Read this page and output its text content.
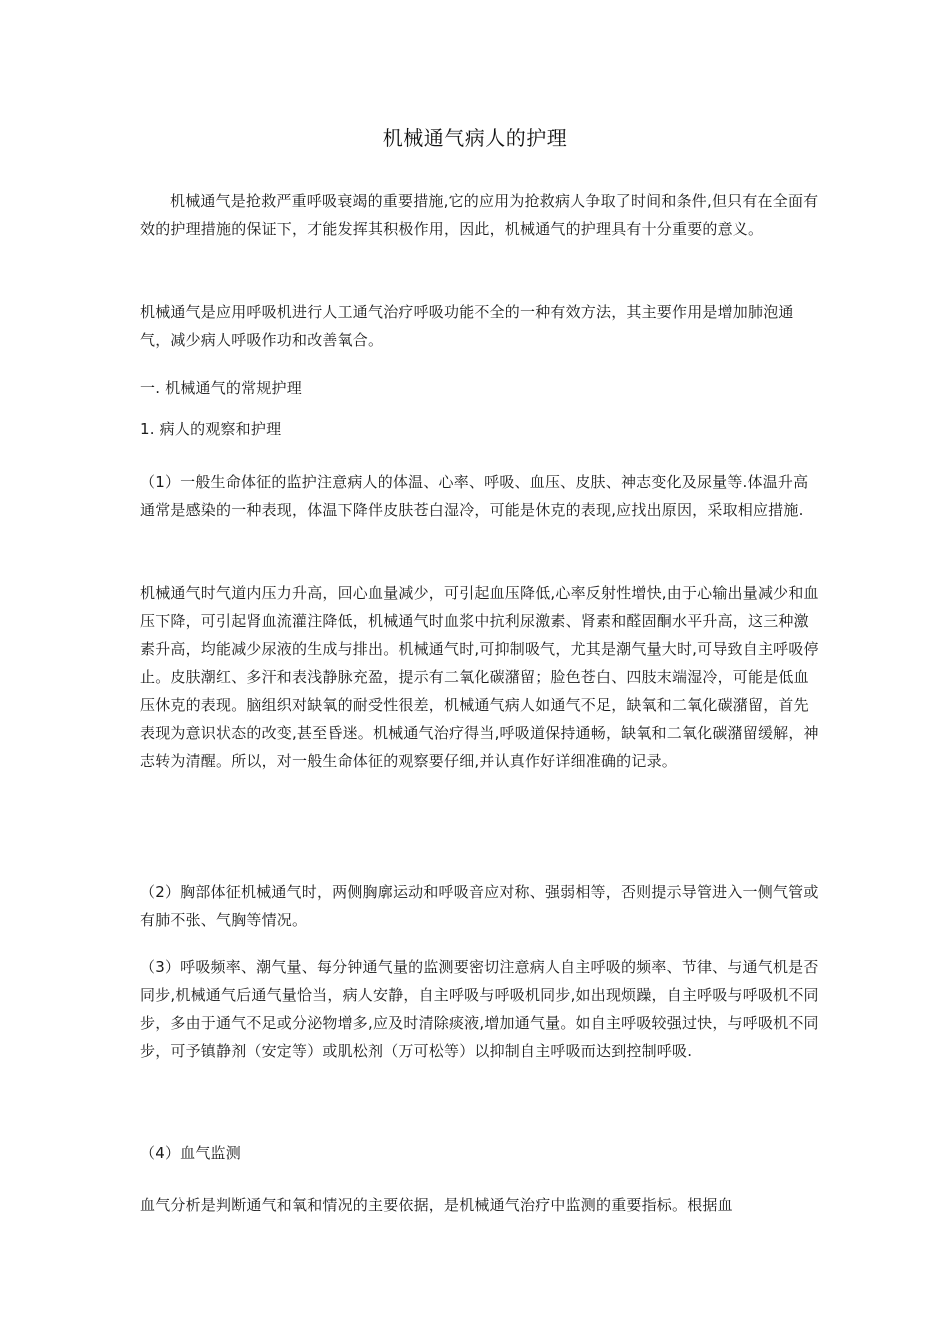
机械通气病人的护理

机械通气是抢救严重呼吸衰竭的重要措施,它的应用为抢救病人争取了时间和条件,但只有在全面有效的护理措施的保证下，才能发挥其积极作用，因此，机械通气的护理具有十分重要的意义。

机械通气是应用呼吸机进行人工通气治疗呼吸功能不全的一种有效方法，其主要作用是增加肺泡通气，减少病人呼吸作功和改善氧合。

一. 机械通气的常规护理

1. 病人的观察和护理

（1）一般生命体征的监护注意病人的体温、心率、呼吸、血压、皮肤、神志变化及尿量等.体温升高通常是感染的一种表现，体温下降伴皮肤苍白湿冷，可能是休克的表现,应找出原因，采取相应措施.

机械通气时气道内压力升高，回心血量减少，可引起血压降低,心率反射性增快,由于心输出量减少和血压下降，可引起肾血流灌注降低，机械通气时血浆中抗利尿激素、肾素和醛固酮水平升高，这三种激素升高，均能减少尿液的生成与排出。机械通气时,可抑制吸气，尤其是潮气量大时,可导致自主呼吸停止。皮肤潮红、多汗和表浅静脉充盈，提示有二氧化碳潴留；脸色苍白、四肢末端湿冷，可能是低血压休克的表现。脑组织对缺氧的耐受性很差，机械通气病人如通气不足，缺氧和二氧化碳潴留，首先表现为意识状态的改变,甚至昏迷。机械通气治疗得当,呼吸道保持通畅，缺氧和二氧化碳潴留缓解，神志转为清醒。所以，对一般生命体征的观察要仔细,并认真作好详细准确的记录。

（2）胸部体征机械通气时，两侧胸廓运动和呼吸音应对称、强弱相等，否则提示导管进入一侧气管或有肺不张、气胸等情况。

（3）呼吸频率、潮气量、每分钟通气量的监测要密切注意病人自主呼吸的频率、节律、与通气机是否同步,机械通气后通气量恰当，病人安静，自主呼吸与呼吸机同步,如出现烦躁，自主呼吸与呼吸机不同步，多由于通气不足或分泌物增多,应及时清除痰液,增加通气量。如自主呼吸较强过快，与呼吸机不同步，可予镇静剂（安定等）或肌松剂（万可松等）以抑制自主呼吸而达到控制呼吸.

（4）血气监测

血气分析是判断通气和氧和情况的主要依据，是机械通气治疗中监测的重要指标。根据血
